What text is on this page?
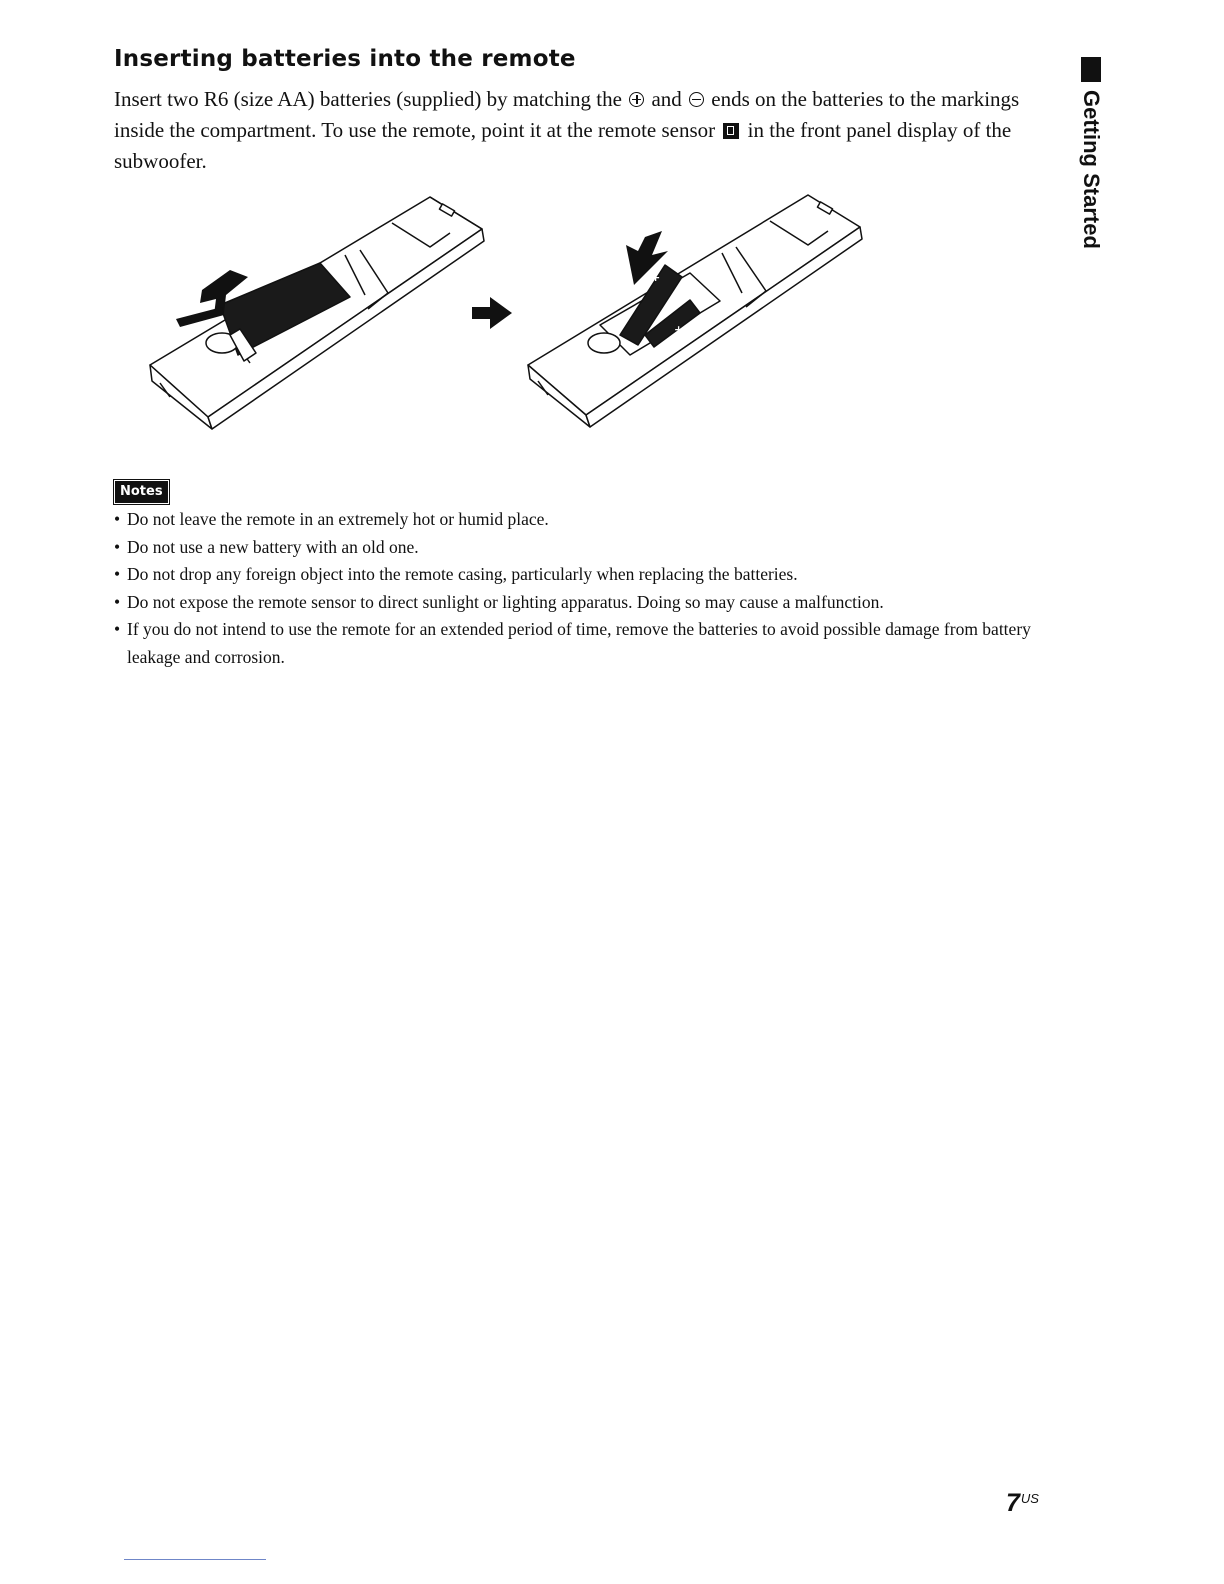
Inserting batteries into the remote

Insert two R6 (size AA) batteries (supplied) by matching the and ends on the batteries to the markings inside the compartment. To use the remote, point it at the remote sensor in the front panel display of the subwoofer.

+
+
Notes
• Do not leave the remote in an extremely hot or humid place.
• Do not use a new battery with an old one.
• Do not drop any foreign object into the remote casing, particularly when replacing the batteries.
• Do not expose the remote sensor to direct sunlight or lighting apparatus. Doing so may cause a malfunction.
• If you do not intend to use the remote for an extended period of time, remove the batteries to avoid possible damage from battery leakage and corrosion.
Getting Started
$7^{US}$
